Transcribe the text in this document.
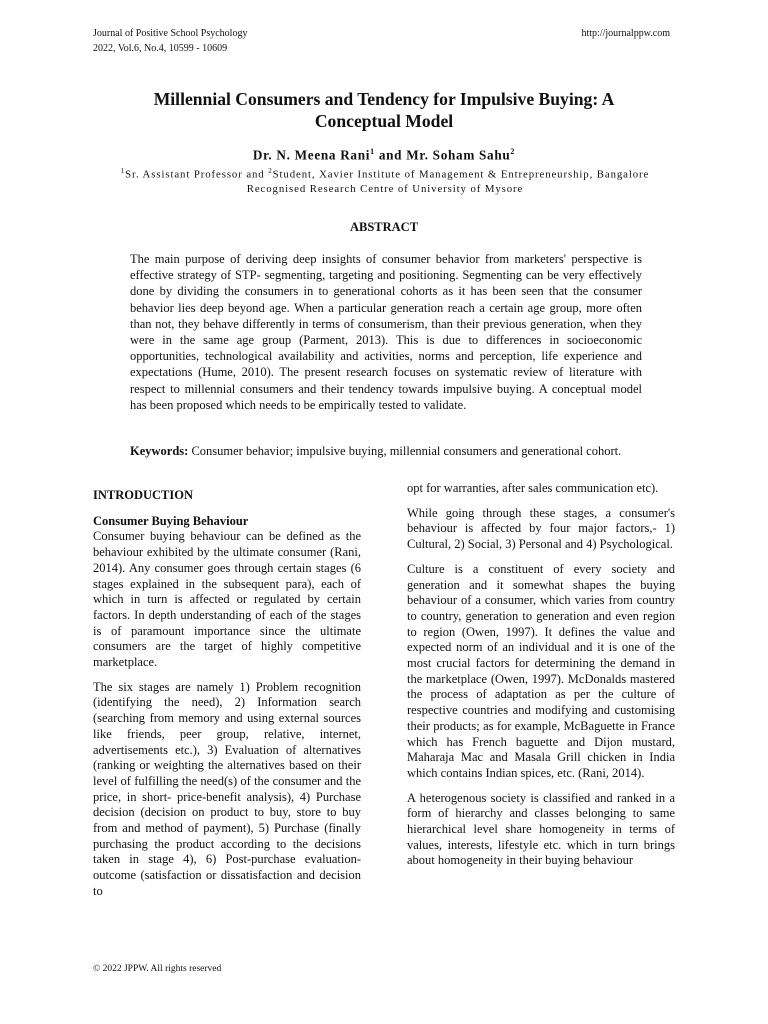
Journal of Positive School Psychology
2022, Vol.6, No.4, 10599 - 10609
http://journalppw.com
Millennial Consumers and Tendency for Impulsive Buying: A Conceptual Model
Dr. N. Meena Rani$^1$ and Mr. Soham Sahu$^2$
$^1$Sr. Assistant Professor and $^2$Student, Xavier Institute of Management & Entrepreneurship, Bangalore
Recognised Research Centre of University of Mysore
ABSTRACT

The main purpose of deriving deep insights of consumer behavior from marketers' perspective is effective strategy of STP- segmenting, targeting and positioning. Segmenting can be very effectively done by dividing the consumers in to generational cohorts as it has been seen that the consumer behavior lies deep beyond age. When a particular generation reach a certain age group, more often than not, they behave differently in terms of consumerism, than their previous generation, when they were in the same age group (Parment, 2013). This is due to differences in socioeconomic opportunities, technological availability and activities, norms and perception, life experience and expectations (Hume, 2010). The present research focuses on systematic review of literature with respect to millennial consumers and their tendency towards impulsive buying. A conceptual model has been proposed which needs to be empirically tested to validate.

Keywords: Consumer behavior; impulsive buying, millennial consumers and generational cohort.

INTRODUCTION
Consumer Buying Behaviour

Consumer buying behaviour can be defined as the behaviour exhibited by the ultimate consumer (Rani, 2014). Any consumer goes through certain stages (6 stages explained in the subsequent para), each of which in turn is affected or regulated by certain factors. In depth understanding of each of the stages is of paramount importance since the ultimate consumers are the target of highly competitive marketplace.

The six stages are namely 1) Problem recognition (identifying the need), 2) Information search (searching from memory and using external sources like friends, peer group, relative, internet, advertisements etc.), 3) Evaluation of alternatives (ranking or weighting the alternatives based on their level of fulfilling the need(s) of the consumer and the price, in short- price-benefit analysis), 4) Purchase decision (decision on product to buy, store to buy from and method of payment), 5) Purchase (finally purchasing the product according to the decisions taken in stage 4), 6) Post-purchase evaluation-outcome (satisfaction or dissatisfaction and decision to

opt for warranties, after sales communication etc).

While going through these stages, a consumer's behaviour is affected by four major factors,- 1) Cultural, 2) Social, 3) Personal and 4) Psychological.

Culture is a constituent of every society and generation and it somewhat shapes the buying behaviour of a consumer, which varies from country to country, generation to generation and even region to region (Owen, 1997). It defines the value and expected norm of an individual and it is one of the most crucial factors for determining the demand in the marketplace (Owen, 1997). McDonalds mastered the process of adaptation as per the culture of respective countries and modifying and customising their products; as for example, McBaguette in France which has French baguette and Dijon mustard, Maharaja Mac and Masala Grill chicken in India which contains Indian spices, etc. (Rani, 2014).

A heterogenous society is classified and ranked in a form of hierarchy and classes belonging to same hierarchical level share homogeneity in terms of values, interests, lifestyle etc. which in turn brings about homogeneity in their buying behaviour

© 2022 JPPW. All rights reserved
